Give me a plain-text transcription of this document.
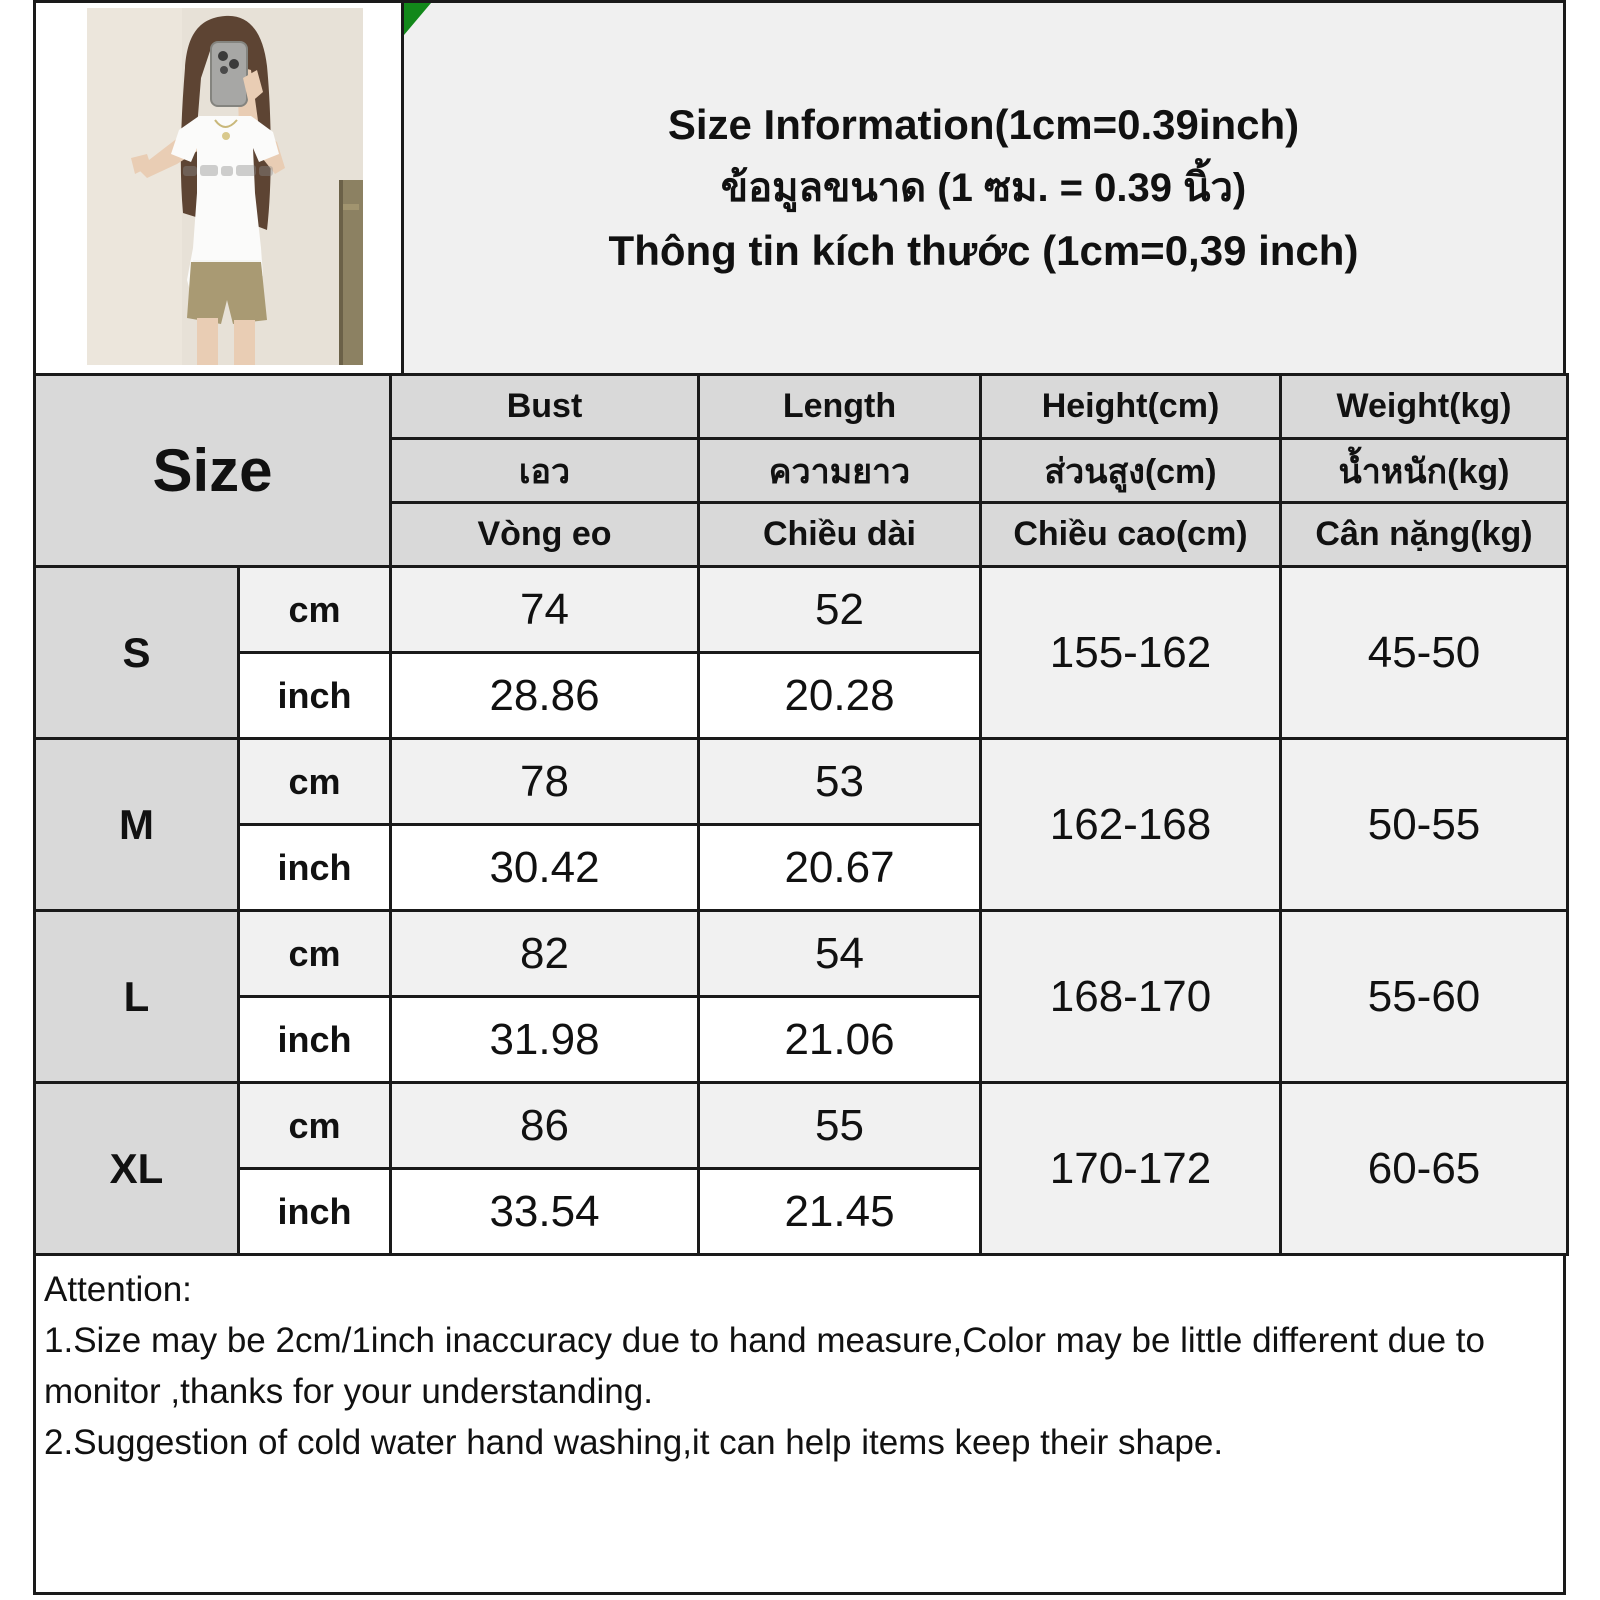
Size Information(1cm=0.39inch)
ข้อมูลขนาด (1 ซม. = 0.39 นิ้ว)
Thông tin kích thước (1cm=0,39 inch)
Size		Bust	Length	Height(cm)	Weight(kg)
		เอว	ความยาว	ส่วนสูง(cm)	น้ำหนัก(kg)
		Vòng eo	Chiều dài	Chiều cao(cm)	Cân nặng(kg)
S	cm	74	52	155-162	45-50
	inch	28.86	20.28		
M	cm	78	53	162-168	50-55
	inch	30.42	20.67		
L	cm	82	54	168-170	55-60
	inch	31.98	21.06		
XL	cm	86	55	170-172	60-65
	inch	33.54	21.45		
Attention:
1.Size may be 2cm/1inch inaccuracy due to hand measure,Color may be little different due to monitor ,thanks for your understanding.
2.Suggestion of cold water hand washing,it can help items keep their shape.
